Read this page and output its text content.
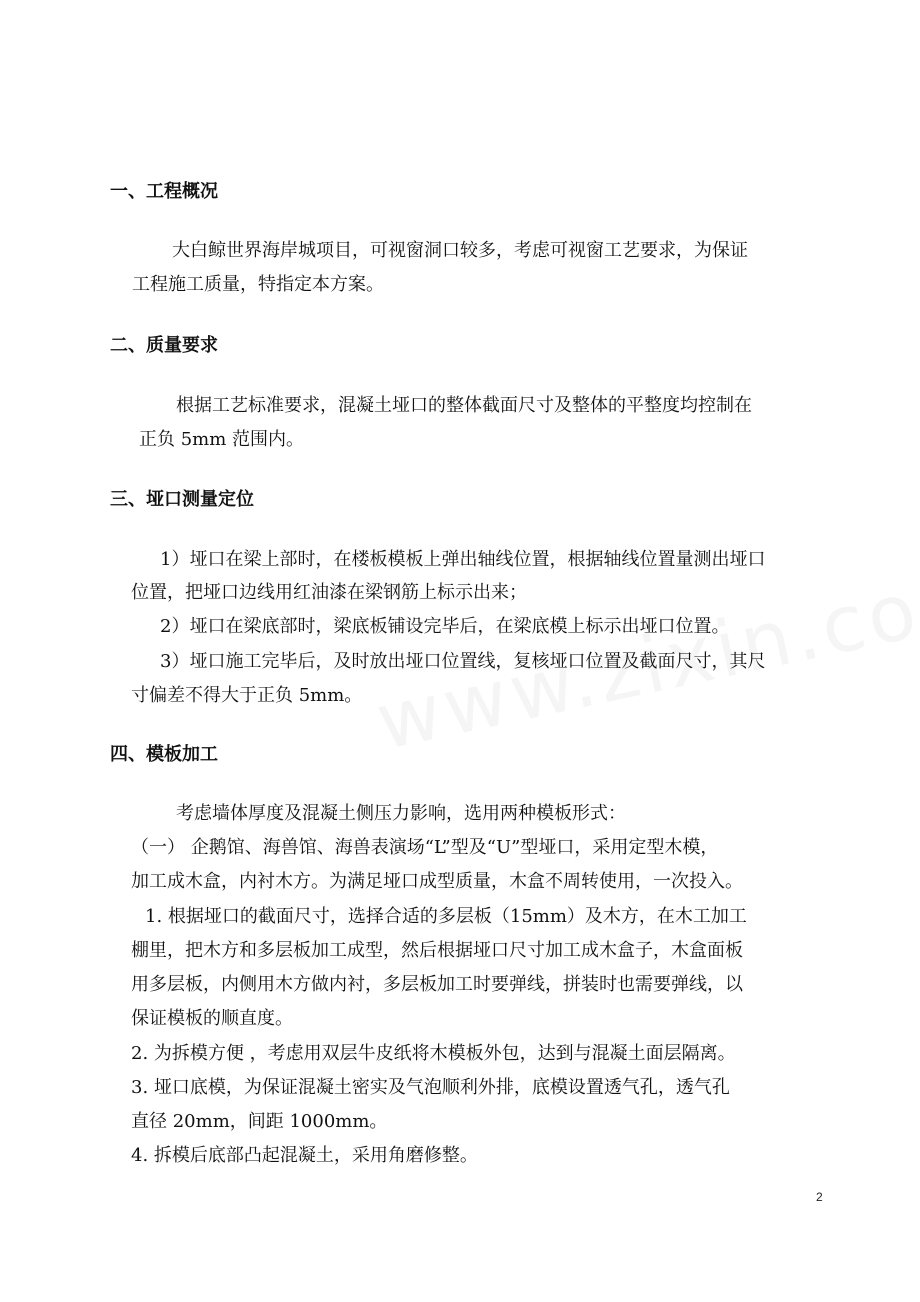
一、工程概况
大白鲸世界海岸城项目，可视窗洞口较多，考虑可视窗工艺要求，为保证
工程施工质量，特指定本方案。
二、质量要求
根据工艺标准要求，混凝土垭口的整体截面尺寸及整体的平整度均控制在
正负 5mm 范围内。
三、垭口测量定位
1）垭口在梁上部时，在楼板模板上弹出轴线位置，根据轴线位置量测出垭口
位置，把垭口边线用红油漆在梁钢筋上标示出来；
2）垭口在梁底部时，梁底板铺设完毕后，在梁底模上标示出垭口位置。
3）垭口施工完毕后，及时放出垭口位置线，复核垭口位置及截面尺寸，其尺
寸偏差不得大于正负 5mm。
四、模板加工
考虑墙体厚度及混凝土侧压力影响，选用两种模板形式：
（一） 企鹅馆、海兽馆、海兽表演场“L”型及“U”型垭口，采用定型木模，
加工成木盒，内衬木方。为满足垭口成型质量，木盒不周转使用，一次投入。
1. 根据垭口的截面尺寸，选择合适的多层板（15mm）及木方，在木工加工
棚里，把木方和多层板加工成型，然后根据垭口尺寸加工成木盒子，木盒面板
用多层板，内侧用木方做内衬，多层板加工时要弹线，拼装时也需要弹线，以
保证模板的顺直度。
2. 为拆模方便 ，考虑用双层牛皮纸将木模板外包，达到与混凝土面层隔离。
3. 垭口底模，为保证混凝土密实及气泡顺利外排，底模设置透气孔，透气孔
直径 20mm，间距 1000mm。
4. 拆模后底部凸起混凝土，采用角磨修整。
2
